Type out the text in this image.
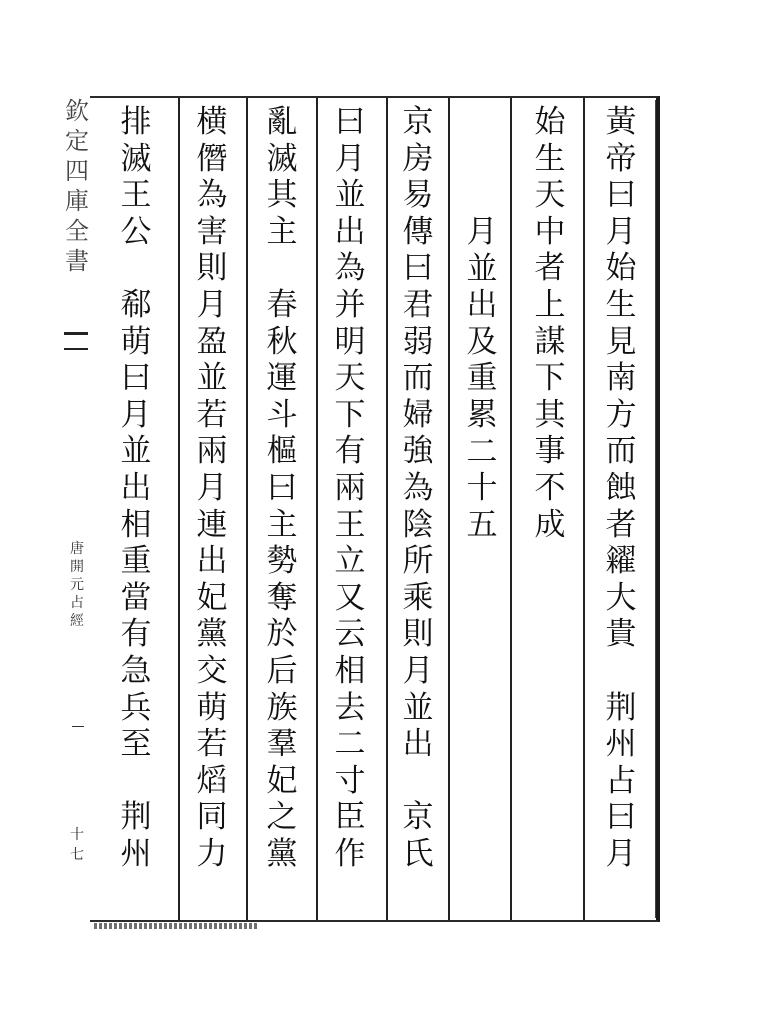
黃
帝
曰
月
始
生
見
南
方
而
蝕
者
糴
大
貴
荆
州
占
曰
月
始
生
天
中
者
上
謀
下
其
事
不
成
月
並
出
及
重
累
二
十
五
京
房
易
傳
曰
君
弱
而
婦
強
為
陰
所
乘
則
月
並
出
京
氏
曰
月
並
出
為
并
明
天
下
有
兩
王
立
又
云
相
去
二
寸
臣
作
亂
滅
其
主
春
秋
運
斗
樞
曰
主
勢
奪
於
后
族
羣
妃
之
黨
横
僭
為
害
則
月
盈
並
若
兩
月
連
出
妃
黨
交
萌
若
熖
同
力
排
滅
王
公
郗
萌
曰
月
並
出
相
重
當
有
急
兵
至
荆
州
欽
定
四
庫
全
書
唐
開
元
占
經
十七
